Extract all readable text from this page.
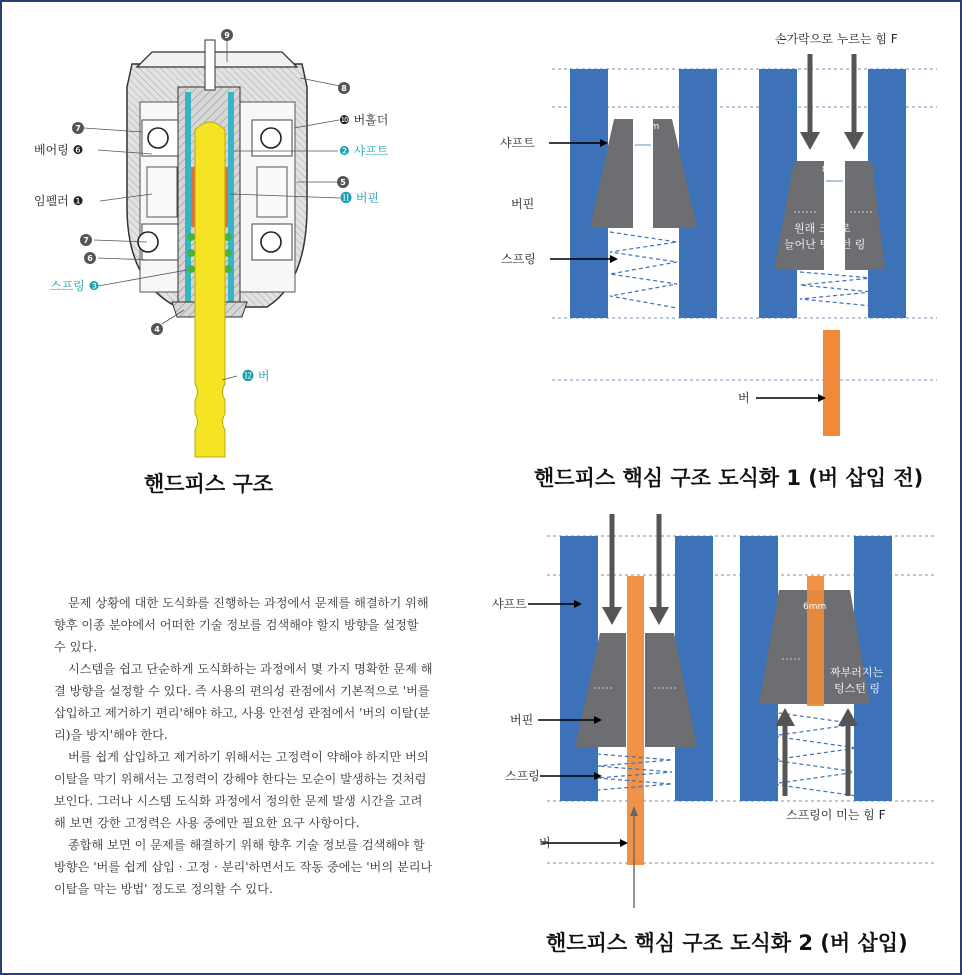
9
8
7
5
7
6
4
베어링 ❻
임펠러 ❶
스프링 ❸
❿ 버홀더
❷ 샤프트
⓫ 버핀
⓬ 버
핸드피스 구조
6mm
8mm
원래 크기로
늘어난 텅스턴 링
손가락으로 누르는 힘 F
샤프트
버핀
스프링
버
핸드피스 핵심 구조 도식화 1 (버 삽입 전)
6mm
짜부러지는
텅스턴 링
샤프트
버핀
스프링
버
스프링이 미는 힘 F
핸드피스 핵심 구조 도식화 2 (버 삽입)

문제 상황에 대한 도식화를 진행하는 과정에서 문제를 해결하기 위해 향후 이종 분야에서 어떠한 기술 정보를 검색해야 할지 방향을 설정할 수 있다.

시스템을 쉽고 단순하게 도식화하는 과정에서 몇 가지 명확한 문제 해결 방향을 설정할 수 있다. 즉 사용의 편의성 관점에서 기본적으로 '버를 삽입하고 제거하기 편리'해야 하고, 사용 안전성 관점에서 '버의 이탈(분리)을 방지'해야 한다.

버를 쉽게 삽입하고 제거하기 위해서는 고정력이 약해야 하지만 버의 이탈을 막기 위해서는 고정력이 강해야 한다는 모순이 발생하는 것처럼 보인다. 그러나 시스템 도식화 과정에서 정의한 문제 발생 시간을 고려해 보면 강한 고정력은 사용 중에만 필요한 요구 사항이다.

종합해 보면 이 문제를 해결하기 위해 향후 기술 정보를 검색해야 할 방향은 '버를 쉽게 삽입 · 고정 · 분리'하면서도 작동 중에는 '버의 분리나 이탈을 막는 방법' 정도로 정의할 수 있다.
